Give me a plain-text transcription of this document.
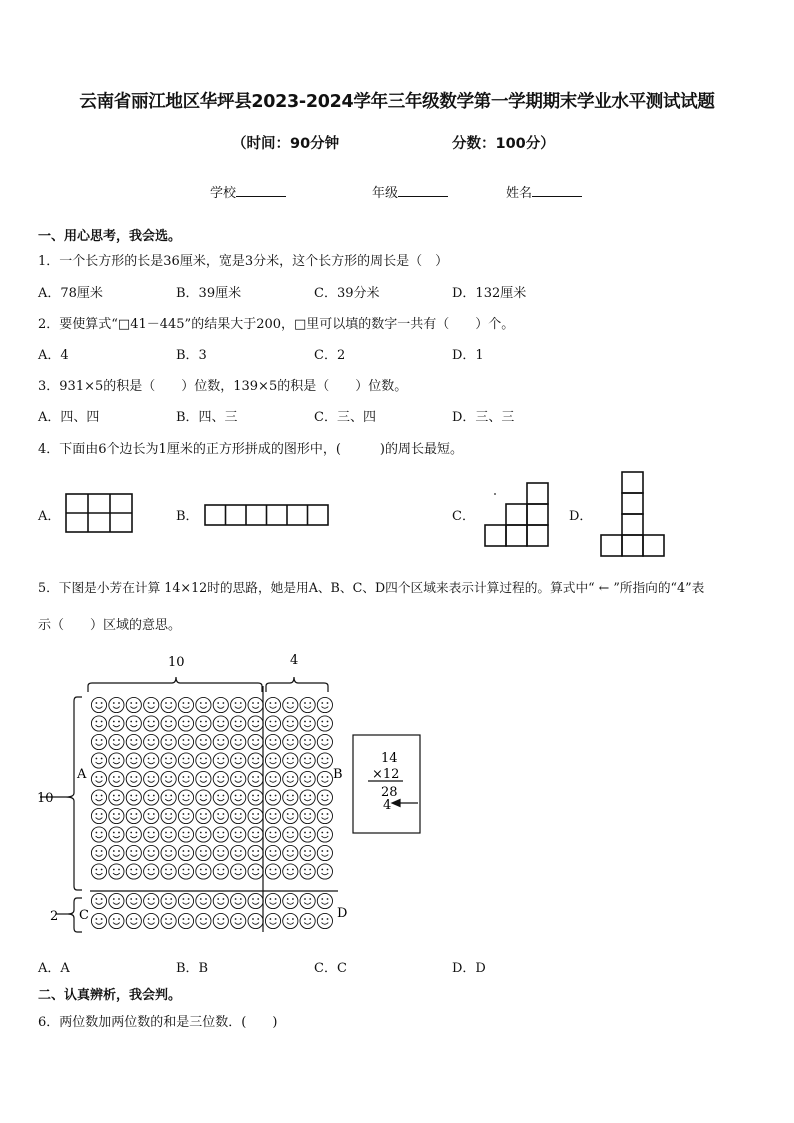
云南省丽江地区华坪县2023-2024学年三年级数学第一学期期末学业水平测试试题
（时间：90分钟	分数：100分）
学校	年级	姓名
一、用心思考，我会选。
1．一个长方形的长是36厘米，宽是3分米，这个长方形的周长是（　）
A．78厘米	B．39厘米	C．39分米	D．132厘米
2．要使算式“□41－445”的结果大于200，□里可以填的数字一共有（　　）个。
A．4	B．3	C．2	D．1
3．931×5的积是（　　）位数，139×5的积是（　　）位数。
A．四、四	B．四、三	C．三、四	D．三、三
4．下面由6个边长为1厘米的正方形拼成的图形中，(　　　)的周长最短。
A．	B．	C．	D．
5．下图是小芳在计算 14×12时的思路，她是用A、B、C、D四个区域来表示计算过程的。算式中“ ← ”所指向的“4”表
示（　　）区域的意思。
10	4
10
2
A	B
C	D
14
×12
28
4
A．A	B．B	C．C	D．D
二、认真辨析，我会判。
6．两位数加两位数的和是三位数．(　　)
